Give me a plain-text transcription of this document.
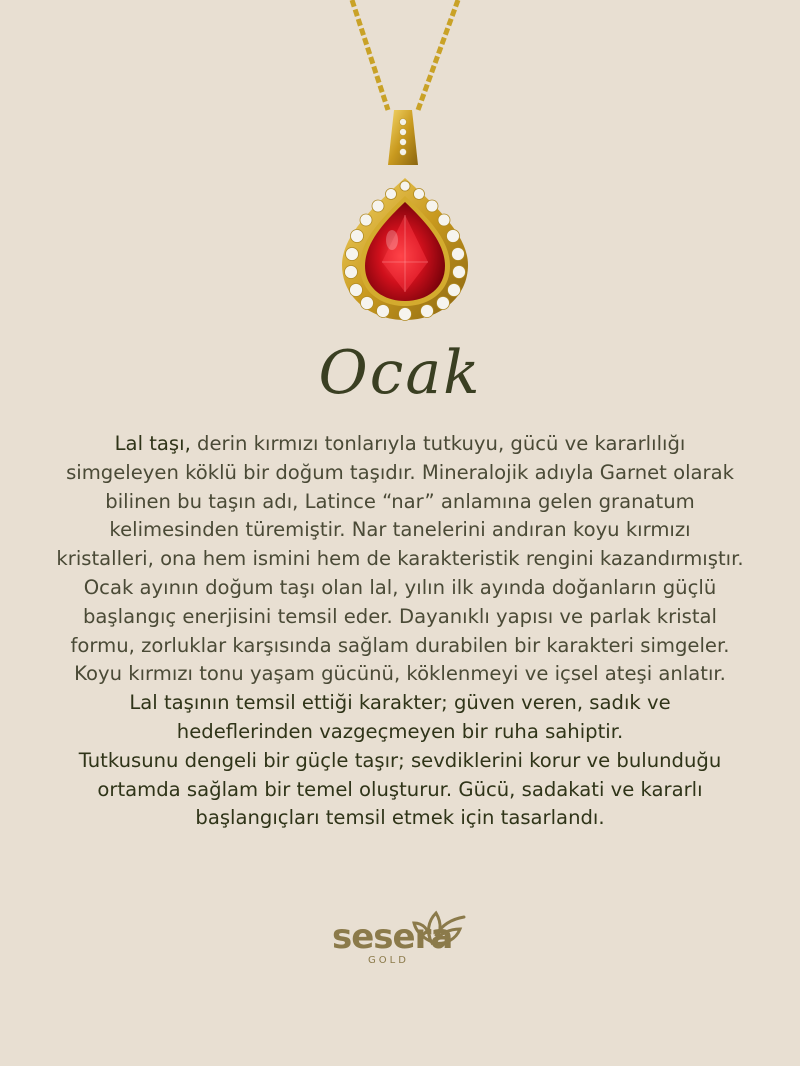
Ocak
Lal taşı, derin kırmızı tonlarıyla tutkuyu, gücü ve kararlılığı
simgeleyen köklü bir doğum taşıdır. Mineralojik adıyla Garnet olarak
bilinen bu taşın adı, Latince “nar” anlamına gelen granatum
kelimesinden türemiştir. Nar tanelerini andıran koyu kırmızı
kristalleri, ona hem ismini hem de karakteristik rengini kazandırmıştır.
Ocak ayının doğum taşı olan lal, yılın ilk ayında doğanların güçlü
başlangıç enerjisini temsil eder. Dayanıklı yapısı ve parlak kristal
formu, zorluklar karşısında sağlam durabilen bir karakteri simgeler.
Koyu kırmızı tonu yaşam gücünü, köklenmeyi ve içsel ateşi anlatır.
Lal taşının temsil ettiği karakter; güven veren, sadık ve
hedeflerinden vazgeçmeyen bir ruha sahiptir.
Tutkusunu dengeli bir güçle taşır; sevdiklerini korur ve bulunduğu
ortamda sağlam bir temel oluşturur. Gücü, sadakati ve kararlı
başlangıçları temsil etmek için tasarlandı.
sesera
GOLD
